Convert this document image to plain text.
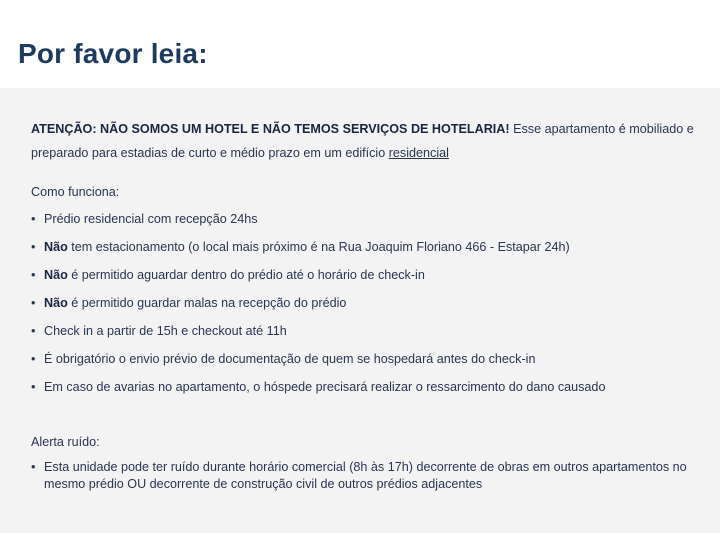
Por favor leia:

ATENÇÃO: NÃO SOMOS UM HOTEL E NÃO TEMOS SERVIÇOS DE HOTELARIA! Esse apartamento é mobiliado e preparado para estadias de curto e médio prazo em um edifício residencial

Como funciona:

• Prédio residencial com recepção 24hs
• Não tem estacionamento (o local mais próximo é na Rua Joaquim Floriano 466 - Estapar 24h)
• Não é permitido aguardar dentro do prédio até o horário de check-in
• Não é permitido guardar malas na recepção do prédio
• Check in a partir de 15h e checkout até 11h
• É obrigatório o envio prévio de documentação de quem se hospedará antes do check-in
• Em caso de avarias no apartamento, o hóspede precisará realizar o ressarcimento do dano causado

Alerta ruído:

• Esta unidade pode ter ruído durante horário comercial (8h às 17h) decorrente de obras em outros apartamentos no mesmo prédio OU decorrente de construção civil de outros prédios adjacentes
